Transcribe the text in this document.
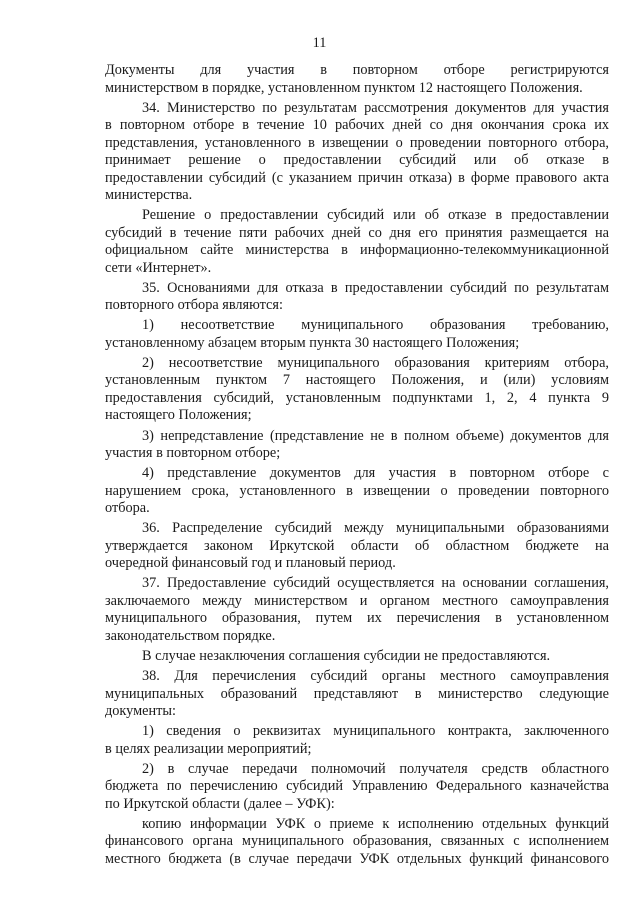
11
Документы для участия в повторном отборе регистрируются
министерством в порядке, установленном пунктом 12 настоящего Положения.
34. Министерство по результатам рассмотрения документов для участия
в повторном отборе в течение 10 рабочих дней со дня окончания срока их
представления, установленного в извещении о проведении повторного отбора,
принимает решение о предоставлении субсидий или об отказе в
предоставлении субсидий (с указанием причин отказа) в форме правового акта
министерства.
Решение о предоставлении субсидий или об отказе в предоставлении
субсидий в течение пяти рабочих дней со дня его принятия размещается на
официальном сайте министерства в информационно-телекоммуникационной
сети «Интернет».
35. Основаниями для отказа в предоставлении субсидий по результатам
повторного отбора являются:
1) несоответствие муниципального образования требованию,
установленному абзацем вторым пункта 30 настоящего Положения;
2) несоответствие муниципального образования критериям отбора,
установленным пунктом 7 настоящего Положения, и (или) условиям
предоставления субсидий, установленным подпунктами 1, 2, 4 пункта 9
настоящего Положения;
3) непредставление (представление не в полном объеме) документов для
участия в повторном отборе;
4) представление документов для участия в повторном отборе с
нарушением срока, установленного в извещении о проведении повторного
отбора.
36. Распределение субсидий между муниципальными образованиями
утверждается законом Иркутской области об областном бюджете на
очередной финансовый год и плановый период.
37. Предоставление субсидий осуществляется на основании соглашения,
заключаемого между министерством и органом местного самоуправления
муниципального образования, путем их перечисления в установленном
законодательством порядке.
В случае незаключения соглашения субсидии не предоставляются.
38. Для перечисления субсидий органы местного самоуправления
муниципальных образований представляют в министерство следующие
документы:
1) сведения о реквизитах муниципального контракта, заключенного
в целях реализации мероприятий;
2) в случае передачи полномочий получателя средств областного
бюджета по перечислению субсидий Управлению Федерального казначейства
по Иркутской области (далее – УФК):
копию информации УФК о приеме к исполнению отдельных функций
финансового органа муниципального образования, связанных с исполнением
местного бюджета (в случае передачи УФК отдельных функций финансового
